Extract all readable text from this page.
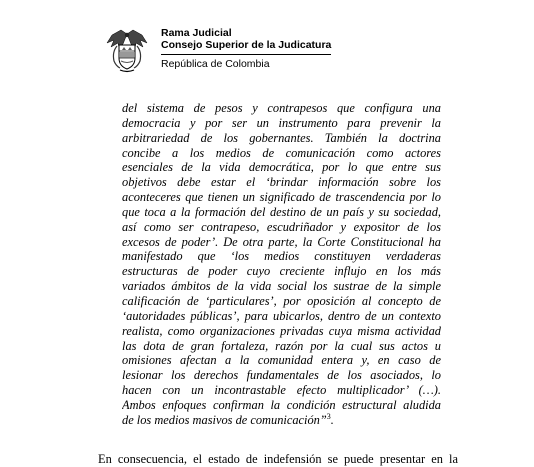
Rama Judicial
Consejo Superior de la Judicatura
República de Colombia
del sistema de pesos y contrapesos que configura una
democracia y por ser un instrumento para prevenir la
arbitrariedad de los gobernantes. También la doctrina
concibe a los medios de comunicación como actores
esenciales de la vida democrática, por lo que entre sus
objetivos debe estar el ‘brindar información sobre los
aconteceres que tienen un significado de trascendencia por lo
que toca a la formación del destino de un país y su sociedad,
así como ser contrapeso, escudriñador y expositor de los
excesos de poder’. De otra parte, la Corte Constitucional ha
manifestado que ‘los medios constituyen verdaderas
estructuras de poder cuyo creciente influjo en los más
variados ámbitos de la vida social los sustrae de la simple
calificación de ‘particulares’, por oposición al concepto de
‘autoridades públicas’, para ubicarlos, dentro de un contexto
realista, como organizaciones privadas cuya misma actividad
las dota de gran fortaleza, razón por la cual sus actos u
omisiones afectan a la comunidad entera y, en caso de
lesionar los derechos fundamentales de los asociados, lo
hacen con un incontrastable efecto multiplicador’ (…).
Ambos enfoques confirman la condición estructural aludida
de los medios masivos de comunicación”$^3$.
En consecuencia, el estado de indefensión se puede presentar en la
